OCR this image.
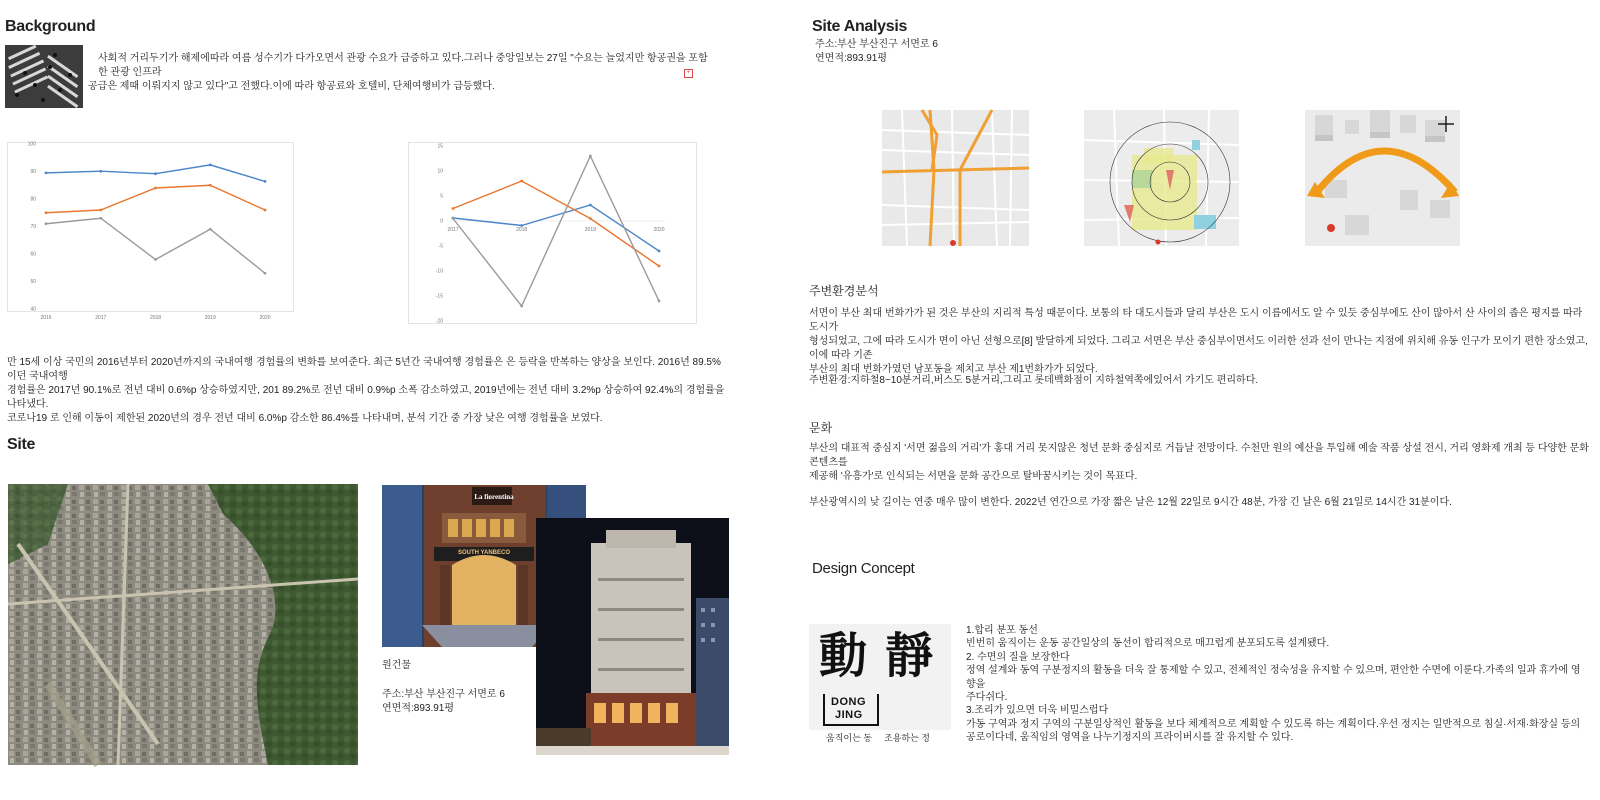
Background
사회적 거리두기가 해제에따라 여름 성수기가 다가오면서 관광 수요가 급증하고 있다.그러나 중앙일보는 27일 "수요는 늘었지만 항공권을 포함한 관광 인프라
공급은 제때 이뤄지지 않고 있다"고 전했다.이에 따라 항공료와 호텔비, 단체여행비가 급등했다.
+
100
90
80
70
60
50
40
2016	2017	2018	2019	2020
15
10
5
0
-5
-10
-15
-20
2017	2018	2019	2020
만 15세 이상 국민의 2016년부터 2020년까지의 국내여행 경험률의 변화를 보여준다. 최근 5년간 국내여행 경험률은 은 등락을 반복하는 양상을 보인다. 2016년 89.5%이던 국내여행
경험률은 2017년 90.1%로 전년 대비 0.6%p 상승하였지만, 201 89.2%로 전년 대비 0.9%p 소폭 감소하였고, 2019년에는 전년 대비 3.2%p 상승하여 92.4%의 경험률을 나타냈다.
코로나19 로 인해 이동이 제한된 2020년의 경우 전년 대비 6.0%p 감소한 86.4%를 나타내며, 분석 기간 중 가장 낮은 여행 경험률을 보였다.
Site
La fiorentina
SOUTH YANBECO
원건물
주소:부산 부산진구 서면로 6
연면적:893.91평
Site Analysis
주소:부산 부산진구 서면로 6
연면적:893.91평
주변환경분석
서면이 부산 최대 번화가가 된 것은 부산의 지리적 특성 때문이다. 보통의 타 대도시들과 달리 부산은 도시 이름에서도 알 수 있듯 중심부에도 산이 많아서 산 사이의 좁은 평지를 따라 도시가
형성되었고, 그에 따라 도시가 면이 아닌 선형으로[8] 발달하게 되었다. 그리고 서면은 부산 중심부이면서도 이러한 선과 선이 만나는 지점에 위치해 유동 인구가 모이기 편한 장소였고, 이에 따라 기존
부산의 최대 번화가였던 남포동을 제치고 부산 제1번화가가 되었다.
주변환경:지하철8~10분거리,버스도 5분거리,그리고 롯데백화점이 지하철역쪽에있어서 가기도 편리하다.
문화
부산의 대표적 중심지 '서면 젊음의 거리'가 홍대 거리 못지않은 청년 문화 중심지로 거듭날 전망이다. 수천만 원의 예산을 투입해 예술 작품 상설 전시, 거리 영화제 개최 등 다양한 문화 콘텐츠를
제공해 '유흥가'로 인식되는 서면을 문화 공간으로 탈바꿈시키는 것이 목표다.
부산광역시의 낮 길이는 연중 매우 많이 변한다. 2022년 연간으로 가장 짧은 날은 12월 22일로 9시간 48분, 가장 긴 날은 6월 21일로 14시간 31분이다.
Design Concept
動 靜
DONG
JING
움직이는 동 조용하는 정
1.합리 분포 동선
빈번히 움직이는 운동 공간일상의 동선이 합리적으로 매끄럽게 분포되도록 설계됐다.
2. 수면의 질을 보장한다
정역 설계와 동역 구분정지의 활동을 더욱 잘 통제할 수 있고, 전체적인 정숙성을 유지할 수 있으며, 편안한 수면에 이룬다.가족의 일과 휴가에 영향을
주다쉬다.
3.조리가 있으면 더욱 비밀스럽다
가동 구역과 정지 구역의 구분일상적인 활동을 보다 체계적으로 계획할 수 있도록 하는 계획이다.우선 정지는 일반적으로 침실·서재·화장실 등의
공로이다네, 움직임의 영역을 나누기정지의 프라이버시를 잘 유지할 수 있다.
